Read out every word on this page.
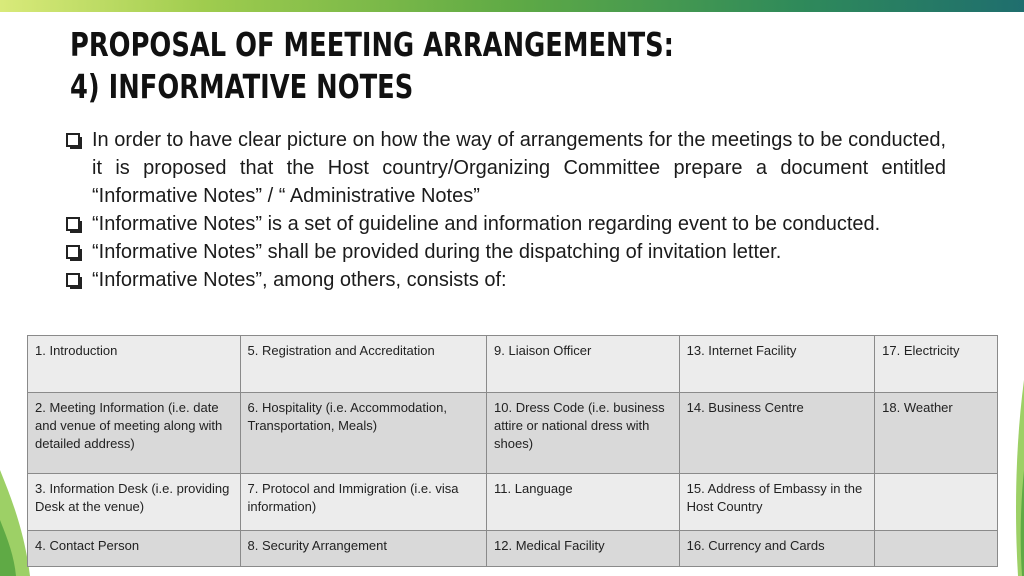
PROPOSAL OF MEETING ARRANGEMENTS:
4) INFORMATIVE NOTES
In order to have clear picture on how the way of arrangements for the meetings to be conducted, it is proposed that the Host country/Organizing Committee prepare a document entitled “Informative Notes” / “ Administrative Notes”
“Informative Notes” is a set of guideline and information regarding event to be conducted.
“Informative Notes” shall be provided during the dispatching of invitation letter.
“Informative Notes”, among others, consists of:
1. Introduction	5. Registration and Accreditation	9. Liaison Officer	13. Internet Facility	17. Electricity
2. Meeting Information (i.e. date and venue of meeting along with detailed address)	6. Hospitality (i.e. Accommodation, Transportation, Meals)	10. Dress Code (i.e. business attire or national dress with shoes)	14. Business Centre	18. Weather
3. Information Desk (i.e. providing Desk at the venue)	7. Protocol and Immigration (i.e. visa information)	11. Language	15. Address of Embassy in the Host Country	
4. Contact Person	8. Security Arrangement	12. Medical Facility	16. Currency and Cards	
